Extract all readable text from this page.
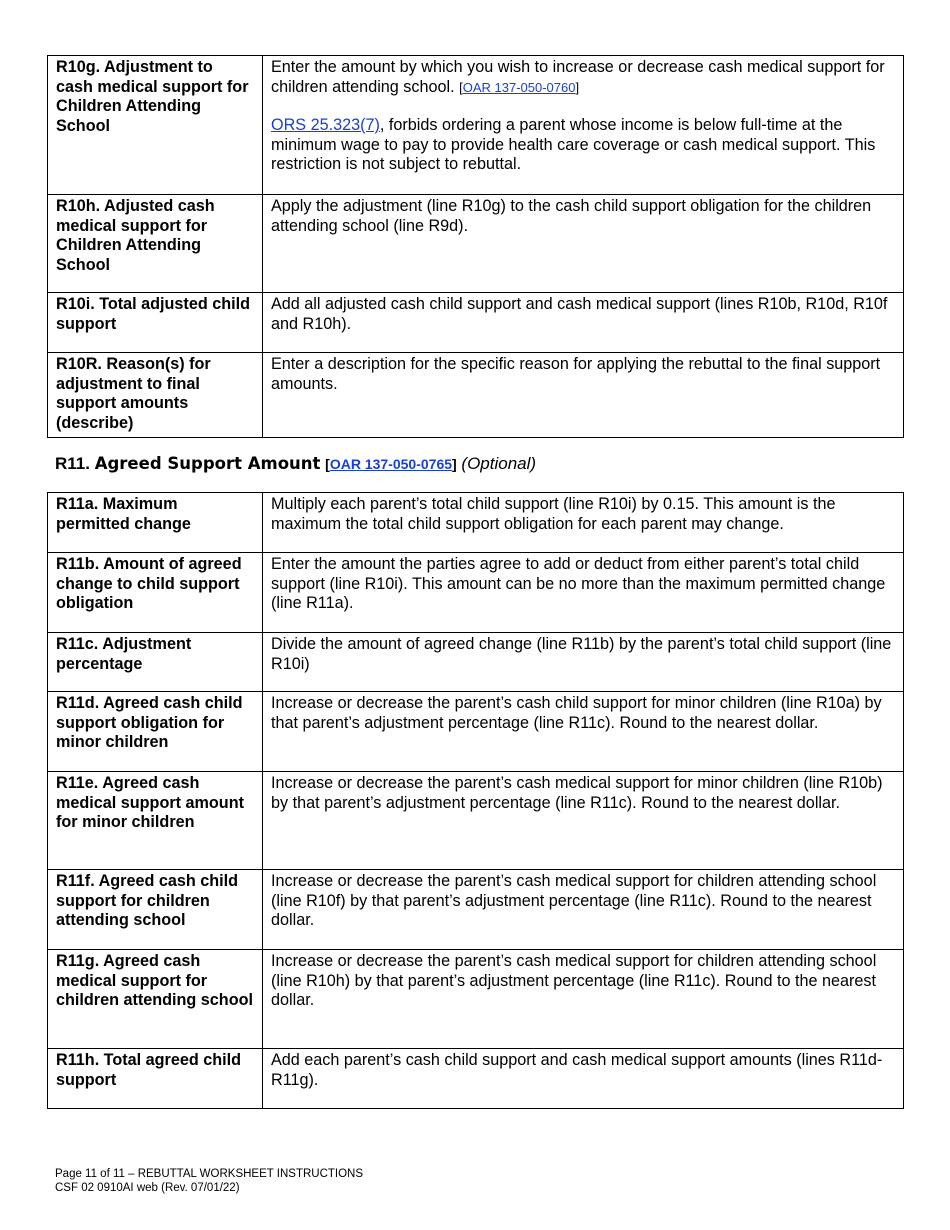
R10g. Adjustment to cash medical support for Children Attending School	Enter the amount by which you wish to increase or decrease cash medical support for children attending school. [OAR 137-050-0760]
ORS 25.323(7), forbids ordering a parent whose income is below full-time at the minimum wage to pay to provide health care coverage or cash medical support. This restriction is not subject to rebuttal.

R10h. Adjusted cash medical support for Children Attending School	Apply the adjustment (line R10g) to the cash child support obligation for the children attending school (line R9d).
R10i. Total adjusted child support	Add all adjusted cash child support and cash medical support (lines R10b, R10d, R10f and R10h).
R10R. Reason(s) for adjustment to final support amounts (describe)	Enter a description for the specific reason for applying the rebuttal to the final support amounts.
R11. Agreed Support Amount [OAR 137-050-0765] (Optional)
R11a. Maximum permitted change	Multiply each parent’s total child support (line R10i) by 0.15. This amount is the maximum the total child support obligation for each parent may change.
R11b. Amount of agreed change to child support obligation	Enter the amount the parties agree to add or deduct from either parent’s total child support (line R10i). This amount can be no more than the maximum permitted change (line R11a).
R11c. Adjustment percentage	Divide the amount of agreed change (line R11b) by the parent’s total child support (line R10i)
R11d. Agreed cash child support obligation for minor children	Increase or decrease the parent’s cash child support for minor children (line R10a) by that parent’s adjustment percentage (line R11c). Round to the nearest dollar.
R11e. Agreed cash medical support amount for minor children	Increase or decrease the parent’s cash medical support for minor children (line R10b) by that parent’s adjustment percentage (line R11c). Round to the nearest dollar.
R11f. Agreed cash child support for children attending school	Increase or decrease the parent’s cash medical support for children attending school (line R10f) by that parent’s adjustment percentage (line R11c). Round to the nearest dollar.
R11g. Agreed cash medical support for children attending school	Increase or decrease the parent’s cash medical support for children attending school (line R10h) by that parent’s adjustment percentage (line R11c). Round to the nearest dollar.
R11h. Total agreed child support	Add each parent’s cash child support and cash medical support amounts (lines R11d-R11g).
Page 11 of 11 – REBUTTAL WORKSHEET INSTRUCTIONS
CSF 02 0910AI web (Rev. 07/01/22)
